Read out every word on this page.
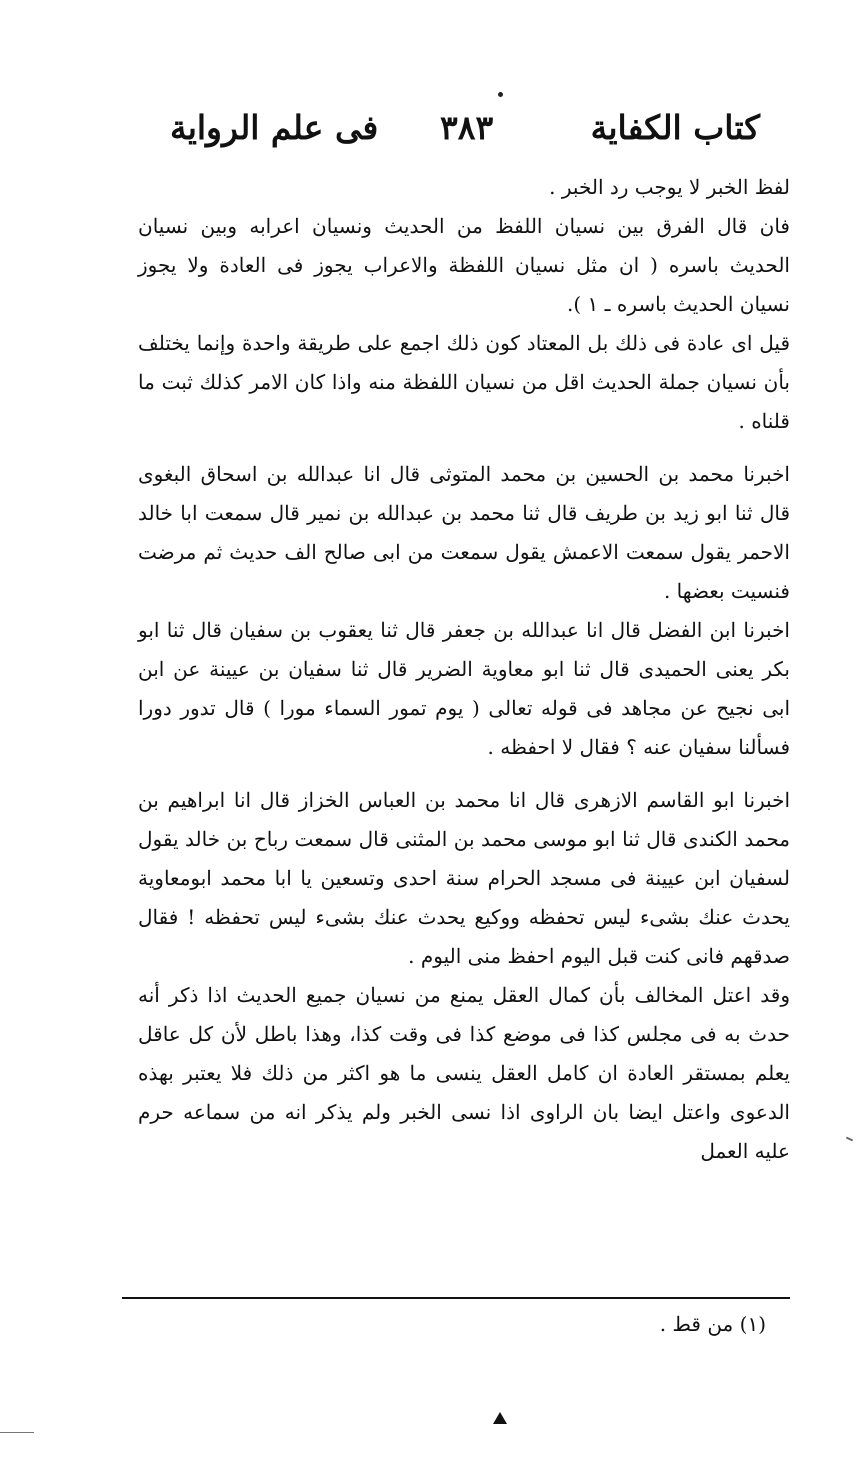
كتاب الكفاية
٣٨٣
فى علم الرواية

لفظ الخبر لا يوجب رد الخبر .

فان قال الفرق بين نسيان اللفظ من الحديث ونسيان اعرابه وبين نسيان الحديث باسره ( ان مثل نسيان اللفظة والاعراب يجوز فى العادة ولا يجوز نسيان الحديث باسره ـ ١ ).

قيل اى عادة فى ذلك بل المعتاد كون ذلك اجمع على طريقة واحدة وإنما يختلف بأن نسيان جملة الحديث اقل من نسيان اللفظة منه واذا كان الامر كذلك ثبت ما قلناه .

اخبرنا محمد بن الحسين بن محمد المتوثى قال انا عبدالله بن اسحاق البغوى قال ثنا ابو زيد بن طريف قال ثنا محمد بن عبدالله بن نمير قال سمعت ابا خالد الاحمر يقول سمعت الاعمش يقول سمعت من ابى صالح الف حديث ثم مرضت فنسيت بعضها .

اخبرنا ابن الفضل قال انا عبدالله بن جعفر قال ثنا يعقوب بن سفيان قال ثنا ابو بكر يعنى الحميدى قال ثنا ابو معاوية الضرير قال ثنا سفيان بن عيينة عن ابن ابى نجيح عن مجاهد فى قوله تعالى ( يوم تمور السماء مورا ) قال تدور دورا فسألنا سفيان عنه ؟ فقال لا احفظه .

اخبرنا ابو القاسم الازهرى قال انا محمد بن العباس الخزاز قال انا ابراهيم بن محمد الكندى قال ثنا ابو موسى محمد بن المثنى قال سمعت رباح بن خالد يقول لسفيان ابن عيينة فى مسجد الحرام سنة احدى وتسعين يا ابا محمد ابومعاوية يحدث عنك بشىء ليس تحفظه ووكيع يحدث عنك بشىء ليس تحفظه ! فقال صدقهم فانى كنت قبل اليوم احفظ منى اليوم .

وقد اعتل المخالف بأن كمال العقل يمنع من نسيان جميع الحديث اذا ذكر أنه حدث به فى مجلس كذا فى موضع كذا فى وقت كذا، وهذا باطل لأن كل عاقل يعلم بمستقر العادة ان كامل العقل ينسى ما هو اكثر من ذلك فلا يعتبر بهذه الدعوى واعتل ايضا بان الراوى اذا نسى الخبر ولم يذكر انه من سماعه حرم عليه العمل

(١) من قط .
